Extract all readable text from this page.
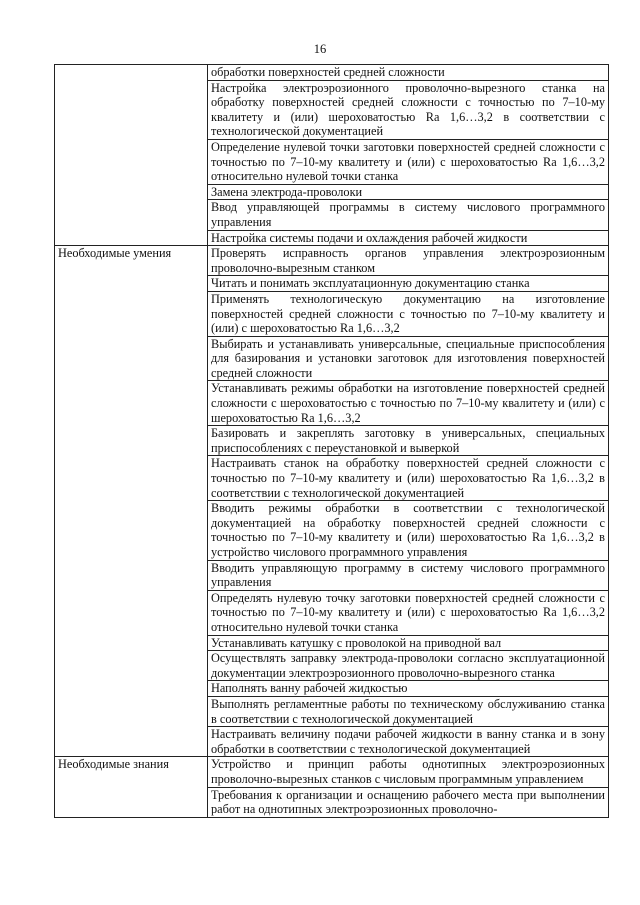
16
	обработки поверхностей средней сложности
	Настройка электроэрозионного проволочно-вырезного станка на обработку поверхностей средней сложности с точностью по 7–10-му квалитету и (или) шероховатостью Ra 1,6…3,2 в соответствии с технологической документацией
	Определение нулевой точки заготовки поверхностей средней сложности с точностью по 7–10-му квалитету и (или) с шероховатостью Ra 1,6…3,2 относительно нулевой точки станка
	Замена электрода-проволоки
	Ввод управляющей программы в систему числового программного управления
	Настройка системы подачи и охлаждения рабочей жидкости
Необходимые умения	Проверять исправность органов управления электроэрозионным проволочно-вырезным станком
	Читать и понимать эксплуатационную документацию станка
	Применять технологическую документацию на изготовление поверхностей средней сложности с точностью по 7–10-му квалитету и (или) с шероховатостью Ra 1,6…3,2
	Выбирать и устанавливать универсальные, специальные приспособления для базирования и установки заготовок для изготовления поверхностей средней сложности
	Устанавливать режимы обработки на изготовление поверхностей средней сложности с шероховатостью с точностью по 7–10-му квалитету и (или) с шероховатостью Ra 1,6…3,2
	Базировать и закреплять заготовку в универсальных, специальных приспособлениях с переустановкой и выверкой
	Настраивать станок на обработку поверхностей средней сложности с точностью по 7–10-му квалитету и (или) шероховатостью Ra 1,6…3,2 в соответствии с технологической документацией
	Вводить режимы обработки в соответствии с технологической документацией на обработку поверхностей средней сложности с точностью по 7–10-му квалитету и (или) шероховатостью Ra 1,6…3,2 в устройство числового программного управления
	Вводить управляющую программу в систему числового программного управления
	Определять нулевую точку заготовки поверхностей средней сложности с точностью по 7–10-му квалитету и (или) с шероховатостью Ra 1,6…3,2 относительно нулевой точки станка
	Устанавливать катушку с проволокой на приводной вал
	Осуществлять заправку электрода-проволоки согласно эксплуатационной документации электроэрозионного проволочно-вырезного станка
	Наполнять ванну рабочей жидкостью
	Выполнять регламентные работы по техническому обслуживанию станка в соответствии с технологической документацией
	Настраивать величину подачи рабочей жидкости в ванну станка и в зону обработки в соответствии с технологической документацией
Необходимые знания	Устройство и принцип работы однотипных электроэрозионных проволочно-вырезных станков с числовым программным управлением
	Требования к организации и оснащению рабочего места при выполнении работ на однотипных электроэрозионных проволочно-
